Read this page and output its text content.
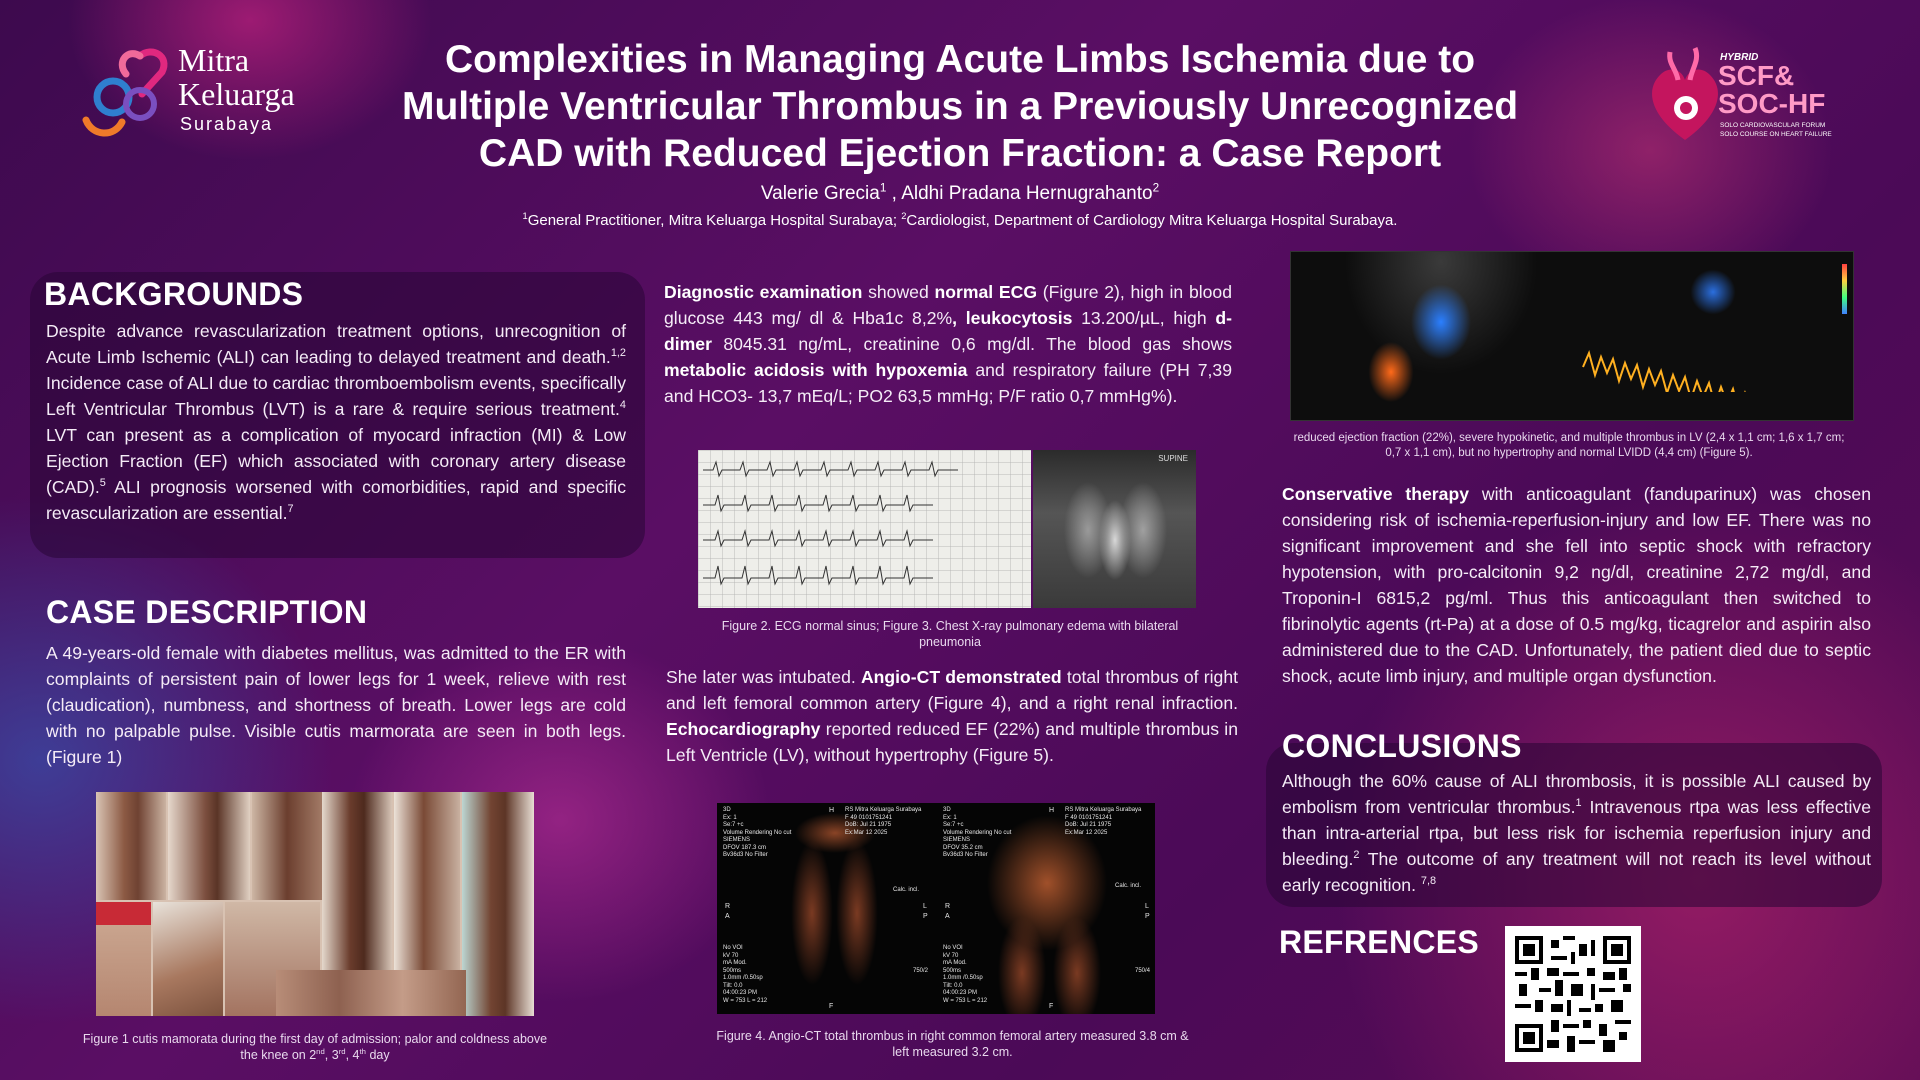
Mitra
Keluarga
Surabaya
HYBRID
SCF&
SOC-HF
SOLO CARDIOVASCULAR FORUM
SOLO COURSE ON HEART FAILURE
Complexities in Managing Acute Limbs Ischemia due to
Multiple Ventricular Thrombus in a Previously Unrecognized
CAD with Reduced Ejection Fraction: a Case Report
Valerie Grecia$^1$ , Aldhi Pradana Hernugrahanto$^2$
$^1$General Practitioner, Mitra Keluarga Hospital Surabaya; $^2$Cardiologist, Department of Cardiology Mitra Keluarga Hospital Surabaya.
BACKGROUNDS
Despite advance revascularization treatment options, unrecognition of Acute Limb Ischemic (ALI) can leading to delayed treatment and death.$^{1,2}$ Incidence case of ALI due to cardiac thromboembolism events, specifically Left Ventricular Thrombus (LVT) is a rare & require serious treatment.$^4$ LVT can present as a complication of myocard infraction (MI) & Low Ejection Fraction (EF) which associated with coronary artery disease (CAD).$^5$ ALI prognosis worsened with comorbidities, rapid and specific revascularization are essential.$^7$
CASE DESCRIPTION
A 49-years-old female with diabetes mellitus, was admitted to the ER with complaints of persistent pain of lower legs for 1 week, relieve with rest (claudication), numbness, and shortness of breath. Lower legs are cold with no palpable pulse. Visible cutis marmorata are seen in both legs. (Figure 1)
Figure 1 cutis mamorata during the first day of admission; palor and coldness above
the knee on 2nd, 3rd, 4th day
Diagnostic examination showed normal ECG (Figure 2), high in blood glucose 443 mg/ dl & Hba1c 8,2%, leukocytosis 13.200/µL, high d-dimer 8045.31 ng/mL, creatinine 0,6 mg/dl. The blood gas shows metabolic acidosis with hypoxemia and respiratory failure (PH 7,39 and HCO3- 13,7 mEq/L; PO2 63,5 mmHg; P/F ratio 0,7 mmHg%).
SUPINE
Figure 2. ECG normal sinus; Figure 3. Chest X-ray pulmonary edema with bilateral
pneumonia
She later was intubated. Angio-CT demonstrated total thrombus of right and left femoral common artery (Figure 4), and a right renal infraction. Echocardiography reported reduced EF (22%) and multiple thrombus in Left Ventricle (LV), without hypertrophy (Figure 5).
3D
Ex: 1
Se:7 +c
Volume Rendering No cut
SIEMENS
DFOV 187.3 cm
Bv36d3 No Filter
RS Mitra Keluarga Surabaya
F 49 0101751241
DoB: Jul 21 1975
Ex:Mar 12 2025
No VOI
kV 70
mA Mod.
500ms
1.0mm /0.50sp
Tilt: 0.0
04:00:23 PM
W = 753 L = 212
3D
Ex: 1
Se:7 +c
Volume Rendering No cut
SIEMENS
DFOV 35.2 cm
Bv36d3 No Filter
RS Mitra Keluarga Surabaya
F 49 0101751241
DoB: Jul 21 1975
Ex:Mar 12 2025
No VOI
kV 70
mA Mod.
500ms
1.0mm /0.50sp
Tilt: 0.0
04:00:23 PM
W = 753 L = 212
Calc. incl.
Calc. incl.
750/2	750/4
R
A
L
P
H
F
R
A
L
P
H
F
Figure 4. Angio-CT total thrombus in right common femoral artery measured 3.8 cm &
left measured 3.2 cm.
reduced ejection fraction (22%), severe hypokinetic, and multiple thrombus in LV (2,4 x 1,1 cm; 1,6 x 1,7 cm;
0,7 x 1,1 cm), but no hypertrophy and normal LVIDD (4,4 cm) (Figure 5).
Conservative therapy with anticoagulant (fanduparinux) was chosen considering risk of ischemia-reperfusion-injury and low EF. There was no significant improvement and she fell into septic shock with refractory hypotension, with pro-calcitonin 9,2 ng/dl, creatinine 2,72 mg/dl, and Troponin-I 6815,2 pg/ml. Thus this anticoagulant then switched to fibrinolytic agents (rt-Pa) at a dose of 0.5 mg/kg, ticagrelor and aspirin also administered due to the CAD. Unfortunately, the patient died due to septic shock, acute limb injury, and multiple organ dysfunction.
CONCLUSIONS
Although the 60% cause of ALI thrombosis, it is possible ALI caused by embolism from ventricular thrombus.$^1$ Intravenous rtpa was less effective than intra-arterial rtpa, but less risk for ischemia reperfusion injury and bleeding.$^2$ The outcome of any treatment will not reach its level without early recognition. $^{7,8}$
REFRENCES
